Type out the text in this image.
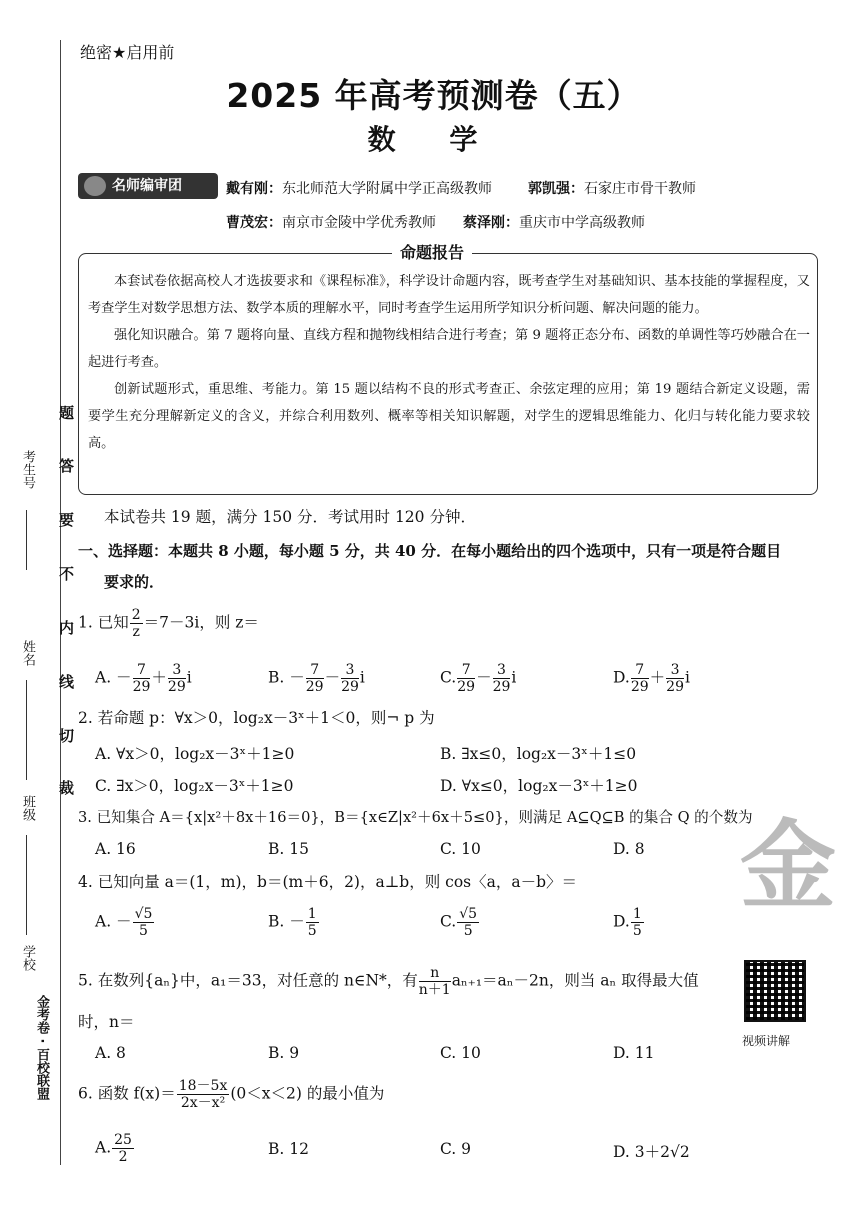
绝密★启用前
2025 年高考预测卷（五）
数 学
考生号
姓名
班级
学校
金考卷 · 百校联盟
题
答
要
不
内
线
切
裁
名师编审团	戴有刚：东北师范大学附属中学正高级教师	郭凯强：石家庄市骨干教师
曹茂宏：南京市金陵中学优秀教师 蔡泽刚：重庆市中学高级教师
命题报告

本套试卷依据高校人才选拔要求和《课程标准》，科学设计命题内容，既考查学生对基础知识、基本技能的掌握程度，又考查学生对数学思想方法、数学本质的理解水平，同时考查学生运用所学知识分析问题、解决问题的能力。

强化知识融合。第 7 题将向量、直线方程和抛物线相结合进行考查；第 9 题将正态分布、函数的单调性等巧妙融合在一起进行考查。

创新试题形式，重思维、考能力。第 15 题以结构不良的形式考查正、余弦定理的应用；第 19 题结合新定义设题，需要学生充分理解新定义的含义，并综合利用数列、概率等相关知识解题，对学生的逻辑思维能力、化归与转化能力要求较高。

本试卷共 19 题，满分 150 分．考试用时 120 分钟．
一、选择题：本题共 8 小题，每小题 5 分，共 40 分．在每小题给出的四个选项中，只有一项是符合题目
要求的．
1. 已知 $\frac{2}{z} =7-3i$，则 z＝
A. － $\frac{7}{29} + \frac{3}{29}$ i	B. － $\frac{7}{29} - \frac{3}{29}$ i	C. $\frac{7}{29} - \frac{3}{29}$ i	D. $\frac{7}{29} + \frac{3}{29}$ i
2. 若命题 p：∀x＞0，log₂x－3ˣ＋1＜0，则¬ p 为
A. ∀x＞0，log₂x－3ˣ＋1≥0	B. ∃x≤0，log₂x－3ˣ＋1≤0
C. ∃x＞0，log₂x－3ˣ＋1≥0	D. ∀x≤0，log₂x－3ˣ＋1≥0
3. 已知集合 A＝{x|x²＋8x＋16＝0}，B＝{x∈Z|x²＋6x＋5≤0}，则满足 A⊆Q⊆B 的集合 Q 的个数为
A. 16	B. 15	C. 10	D. 8
4. 已知向量 a＝(1，m)，b＝(m＋6，2)，a⊥b，则 cos〈a，a－b〉＝
A. － $\frac{√5}{5}$	B. － $\frac{1}{5}$	C. $\frac{√5}{5}$	D. $\frac{1}{5}$
5. 在数列{aₙ}中，a₁＝33，对任意的 n∈N*，有 $\frac{n}{n+1} a_{n+1}=a_n-2n$，则当 aₙ 取得最大值
时，n＝
A. 8	B. 9	C. 10	D. 11
6. 函数 $f(x)= \frac{18-5x}{\text{2x－x²}} (0<x<2)$ 的最小值为
A. $\frac{25}{2}$	B. 12	C. 9	D. 3＋2√2
金
视频讲解
